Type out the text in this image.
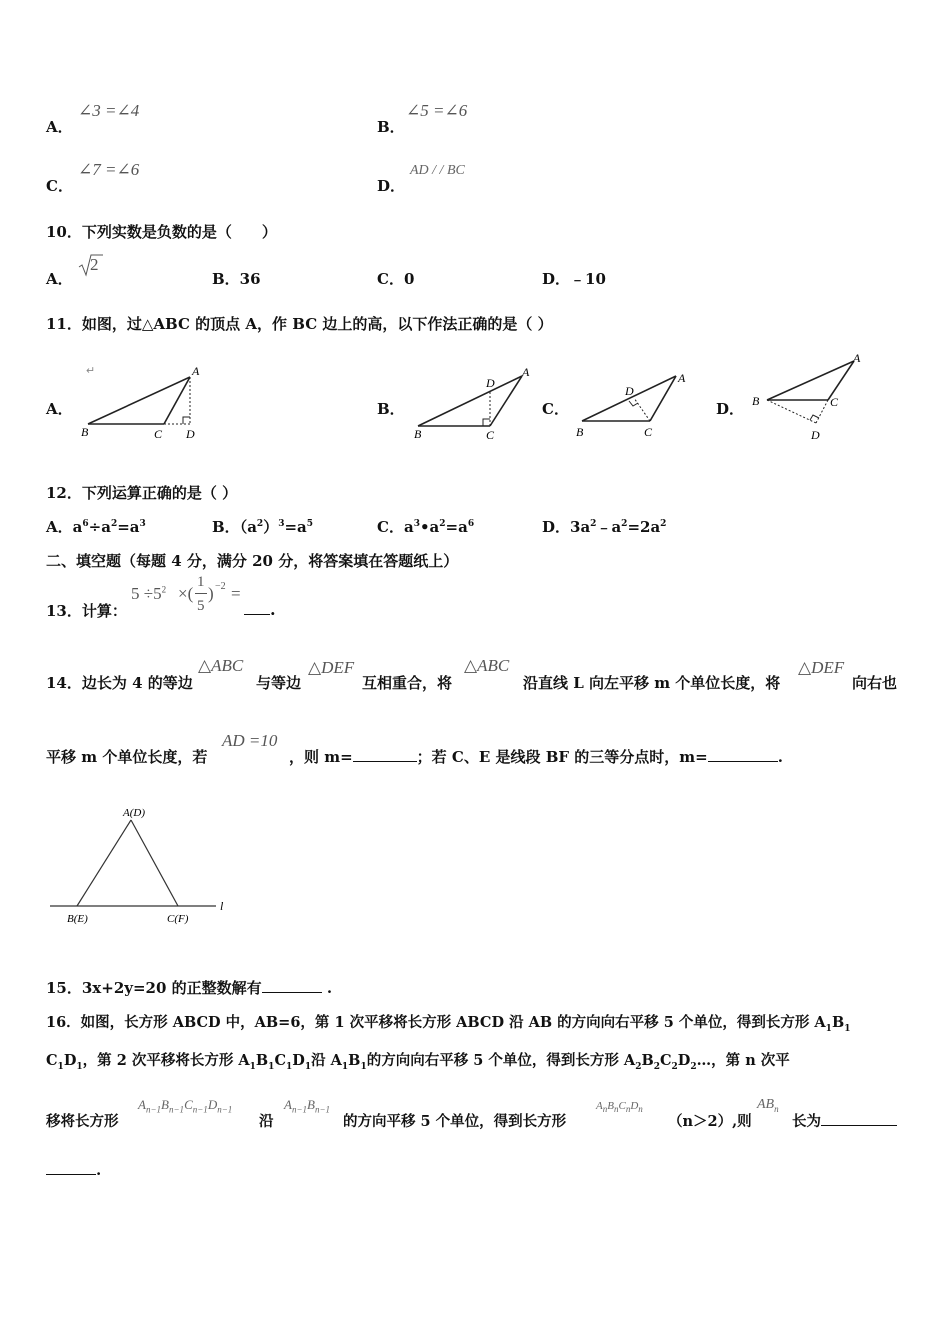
A．
∠3 =∠4
B．
∠5 =∠6
C．
∠7 =∠6
D．
AD / / BC
10．下列实数是负数的是（　　）
A．
2
B．36	C．0	D．﹣10
11．如图，过△ABC 的顶点 A，作 BC 边上的高，以下作法正确的是（ ）
A．	B．	C．	D．
↵	A
B	C D
A
B	C
D	A
B	C
D
A
B	C
D
12．下列运算正确的是（ ）
A．$a^6\div a^2=a^3$	B．$(a^2)^3=a^5$	C．$a^3•a^2=a^6$	D．$3a^2﹣a^2=2a^2$
二、填空题（每题 4 分，满分 20 分，将答案填在答题纸上）
13．计算：
$5 \div 5^2$ ×(
1
5
) −2 =
.
14．边长为 4 的等边
△ABC
与等边
△DEF
互相重合，将
△ABC
沿直线 L 向左平移 m 个单位长度，将
△DEF
向右也
平移 m 个单位长度，若
AD =10
，则 m=	；若 C、E 是线段 BF 的三等分点时，m=	.
A(D)
B(E)	C(F)
l
15．3x+2y=20 的正整数解有	.
16．如图，长方形 ABCD 中，AB=6，第 1 次平移将长方形 ABCD 沿 AB 的方向向右平移 5 个单位，得到长方形 $A_1B_1$
$C_1D_1$，第 2 次平移将长方形 $A_1B_1C_1D_1$沿 $A_1B_1$的方向向右平移 5 个单位，得到长方形 $A_2B_2C_2D_2\dots$，第 n 次平
移将长方形
$A_{n-1}B_{n-1}C_{n-1}D_{n-1}$
沿
$A_{n-1}B_{n-1}$
的方向平移 5 个单位，得到长方形
$A_nB_nC_nD_n$
（n＞2）,则
$AB_n$
长为
.
